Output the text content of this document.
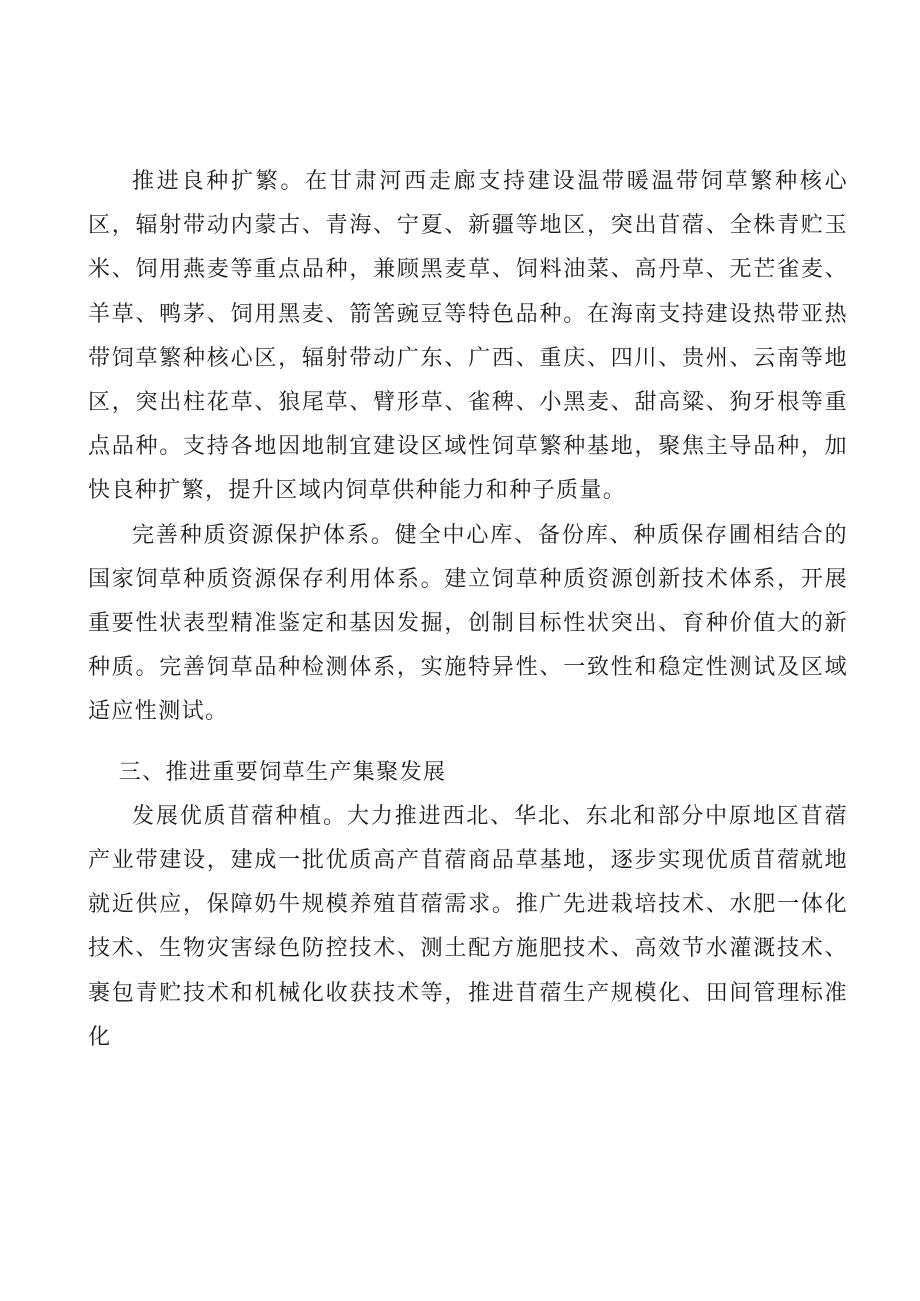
推进良种扩繁。在甘肃河西走廊支持建设温带暖温带饲草繁种核心区，辐射带动内蒙古、青海、宁夏、新疆等地区，突出苜蓿、全株青贮玉米、饲用燕麦等重点品种，兼顾黑麦草、饲料油菜、高丹草、无芒雀麦、羊草、鸭茅、饲用黑麦、箭筈豌豆等特色品种。在海南支持建设热带亚热带饲草繁种核心区，辐射带动广东、广西、重庆、四川、贵州、云南等地区，突出柱花草、狼尾草、臂形草、雀稗、小黑麦、甜高粱、狗牙根等重点品种。支持各地因地制宜建设区域性饲草繁种基地，聚焦主导品种，加快良种扩繁，提升区域内饲草供种能力和种子质量。

完善种质资源保护体系。健全中心库、备份库、种质保存圃相结合的国家饲草种质资源保存利用体系。建立饲草种质资源创新技术体系，开展重要性状表型精准鉴定和基因发掘，创制目标性状突出、育种价值大的新种质。完善饲草品种检测体系，实施特异性、一致性和稳定性测试及区域适应性测试。

三、推进重要饲草生产集聚发展

发展优质苜蓿种植。大力推进西北、华北、东北和部分中原地区苜蓿产业带建设，建成一批优质高产苜蓿商品草基地，逐步实现优质苜蓿就地就近供应，保障奶牛规模养殖苜蓿需求。推广先进栽培技术、水肥一体化技术、生物灾害绿色防控技术、测土配方施肥技术、高效节水灌溉技术、裹包青贮技术和机械化收获技术等，推进苜蓿生产规模化、田间管理标准化
